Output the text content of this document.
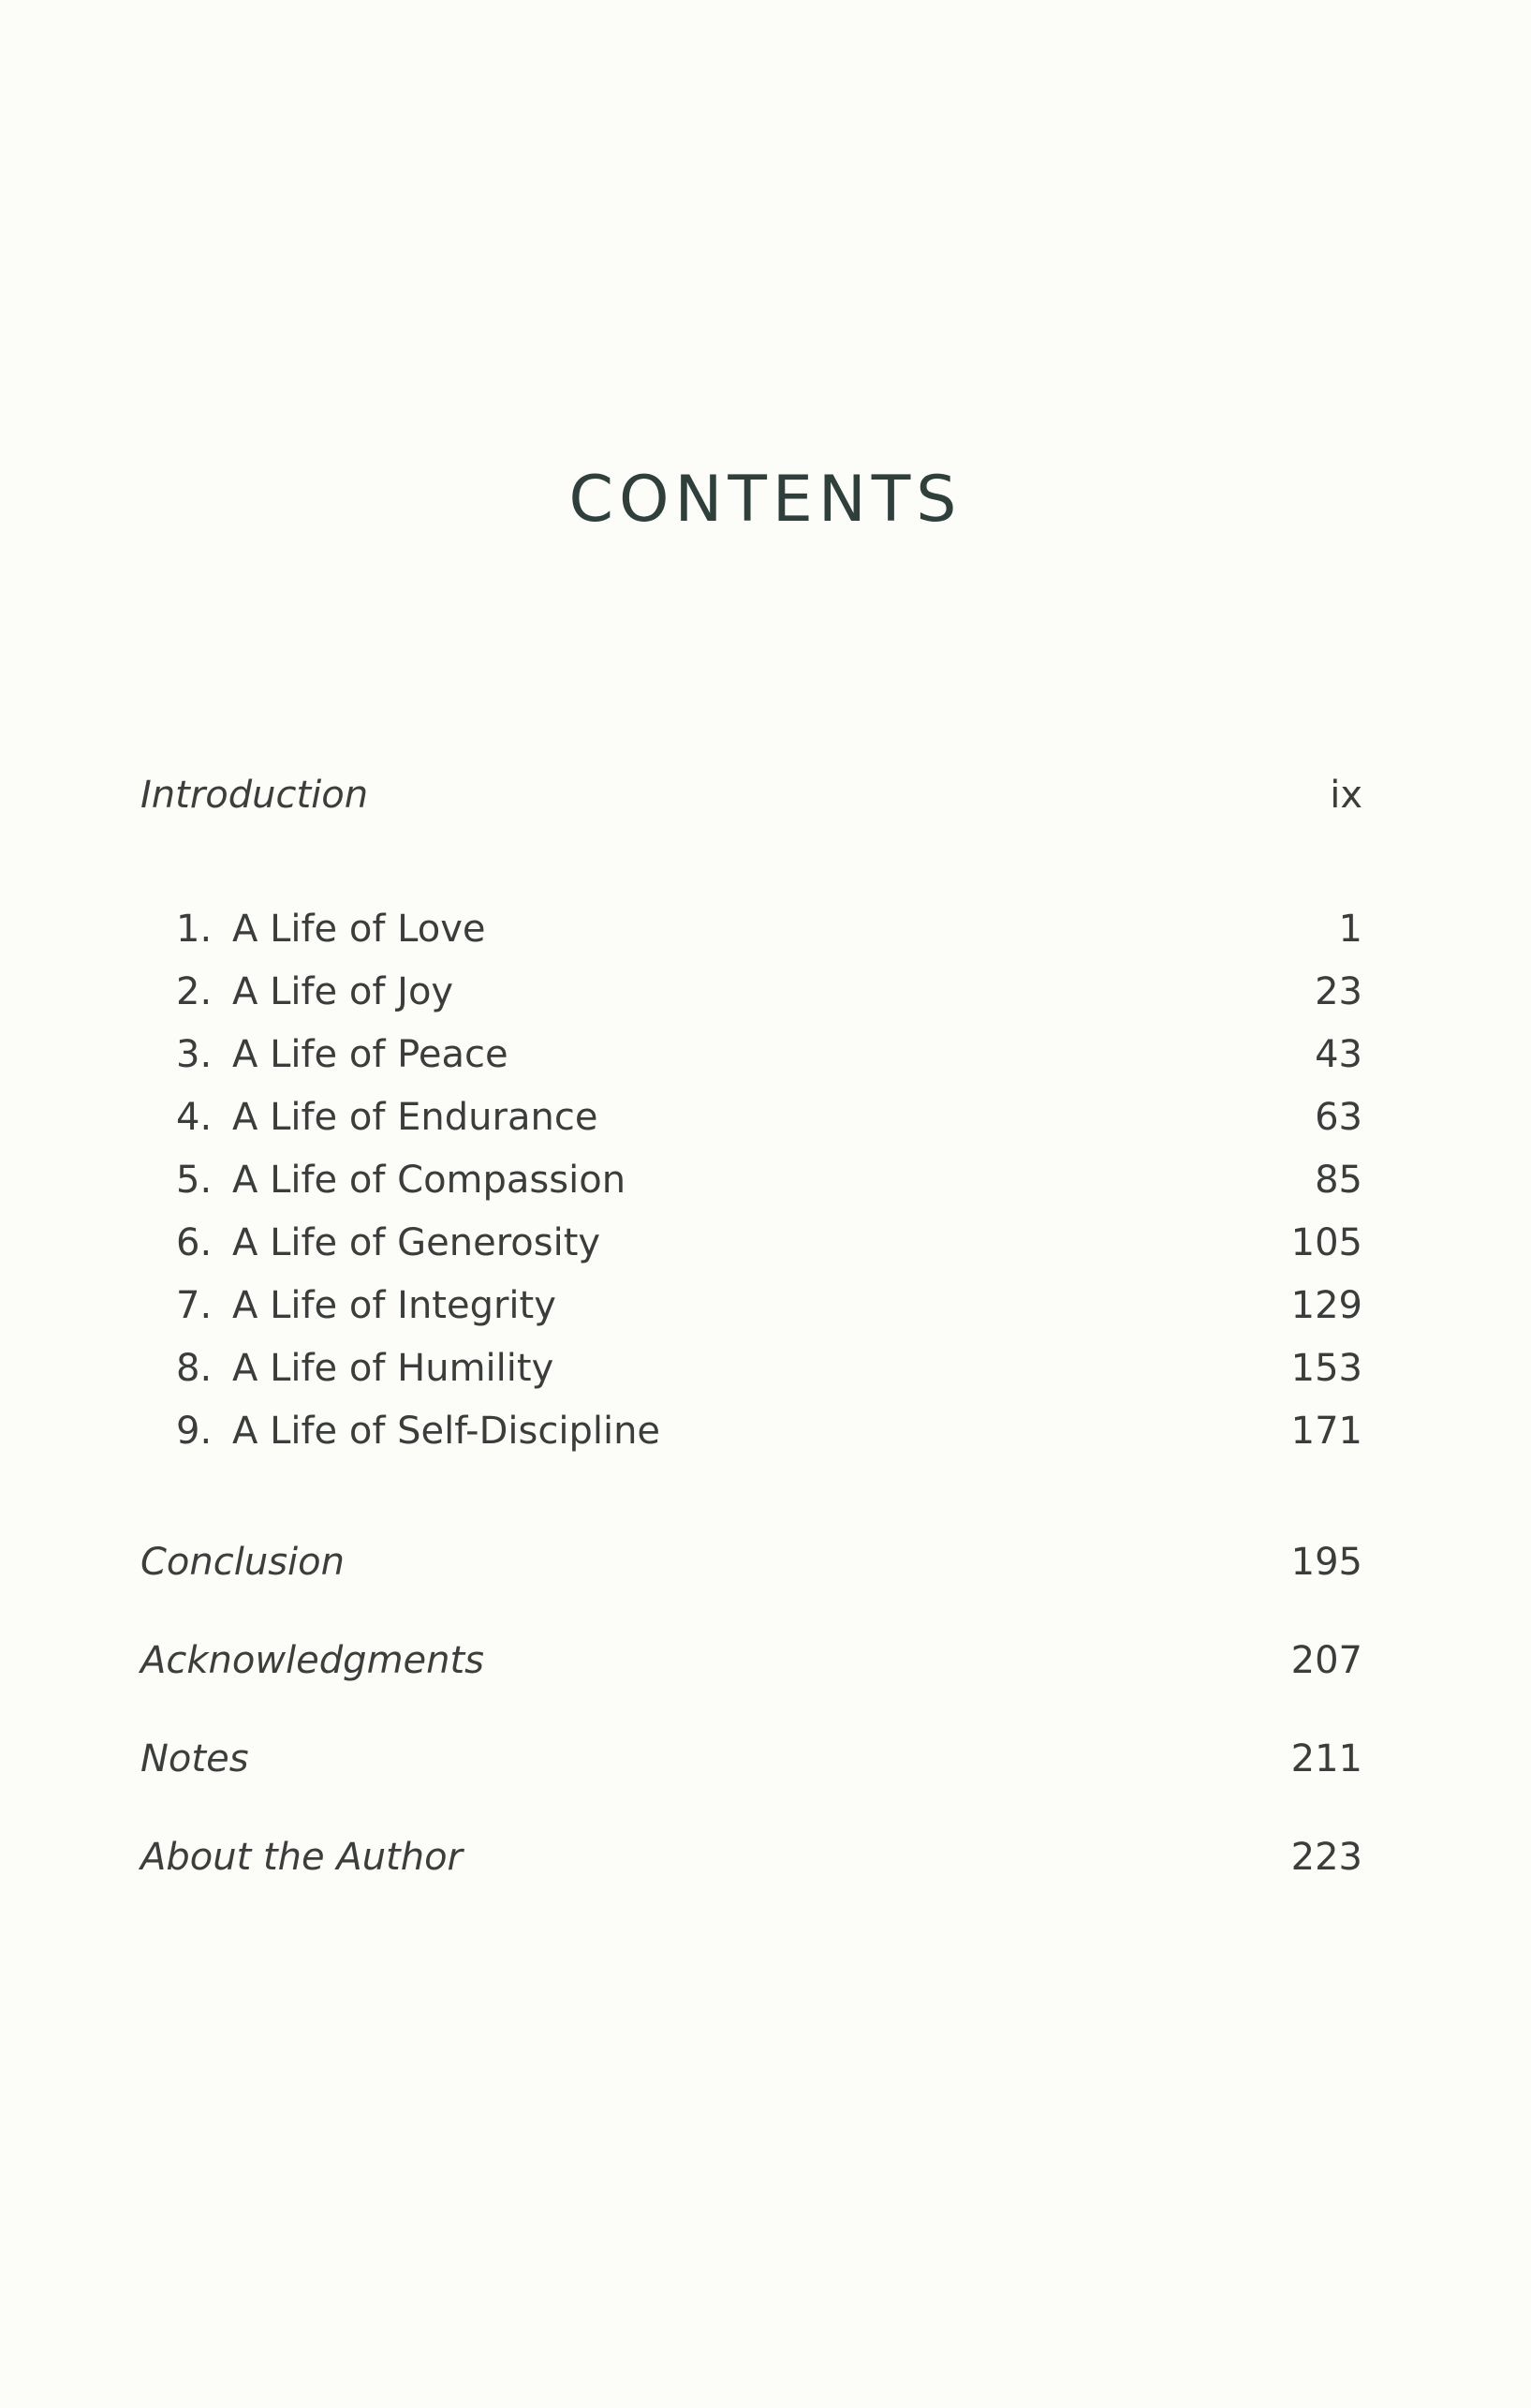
CONTENTS
Introduction	ix
1. A Life of Love	1
2. A Life of Joy	23
3. A Life of Peace	43
4. A Life of Endurance	63
5. A Life of Compassion	85
6. A Life of Generosity	105
7. A Life of Integrity	129
8. A Life of Humility	153
9. A Life of Self-Discipline	171
Conclusion	195
Acknowledgments	207
Notes	211
About the Author	223
